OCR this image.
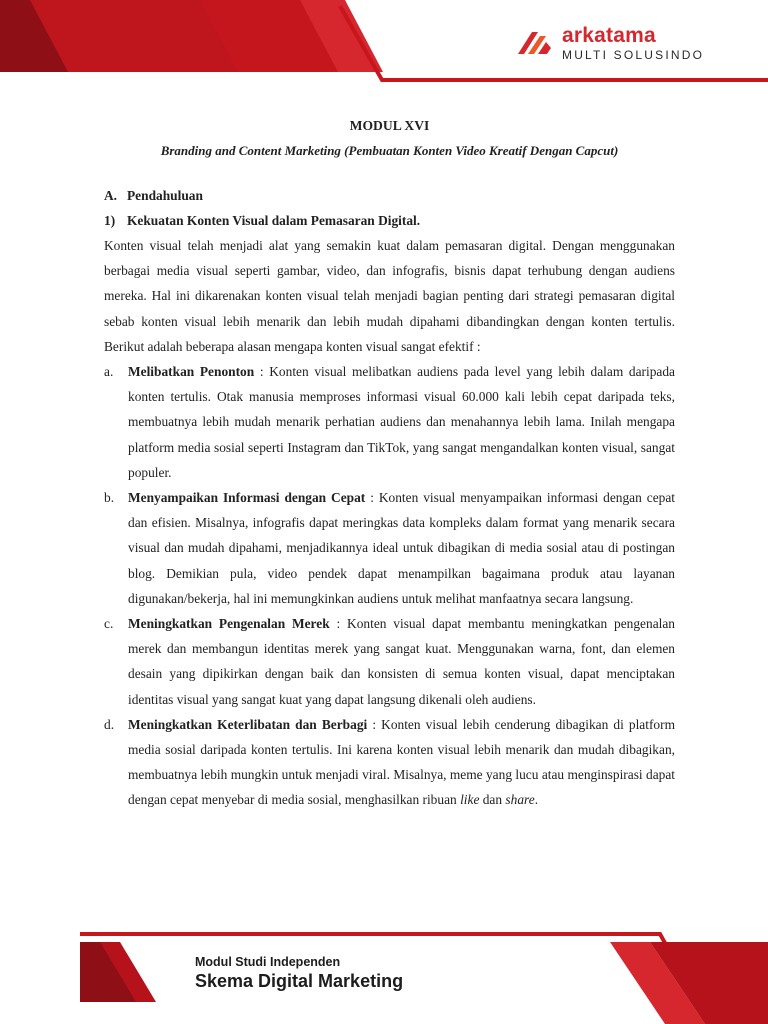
arkatama
MULTI SOLUSINDO
MODUL XVI
Branding and Content Marketing (Pembuatan Konten Video Kreatif Dengan Capcut)
A. Pendahuluan
1) Kekuatan Konten Visual dalam Pemasaran Digital.

Konten visual telah menjadi alat yang semakin kuat dalam pemasaran digital. Dengan menggunakan berbagai media visual seperti gambar, video, dan infografis, bisnis dapat terhubung dengan audiens mereka. Hal ini dikarenakan konten visual telah menjadi bagian penting dari strategi pemasaran digital sebab konten visual lebih menarik dan lebih mudah dipahami dibandingkan dengan konten tertulis. Berikut adalah beberapa alasan mengapa konten visual sangat efektif :

a.	Melibatkan Penonton : Konten visual melibatkan audiens pada level yang lebih dalam daripada konten tertulis. Otak manusia memproses informasi visual 60.000 kali lebih cepat daripada teks, membuatnya lebih mudah menarik perhatian audiens dan menahannya lebih lama. Inilah mengapa platform media sosial seperti Instagram dan TikTok, yang sangat mengandalkan konten visual, sangat populer.
b.	Menyampaikan Informasi dengan Cepat : Konten visual menyampaikan informasi dengan cepat dan efisien. Misalnya, infografis dapat meringkas data kompleks dalam format yang menarik secara visual dan mudah dipahami, menjadikannya ideal untuk dibagikan di media sosial atau di postingan blog. Demikian pula, video pendek dapat menampilkan bagaimana produk atau layanan digunakan/bekerja, hal ini memungkinkan audiens untuk melihat manfaatnya secara langsung.
c.	Meningkatkan Pengenalan Merek : Konten visual dapat membantu meningkatkan pengenalan merek dan membangun identitas merek yang sangat kuat. Menggunakan warna, font, dan elemen desain yang dipikirkan dengan baik dan konsisten di semua konten visual, dapat menciptakan identitas visual yang sangat kuat yang dapat langsung dikenali oleh audiens.
d.	Meningkatkan Keterlibatan dan Berbagi : Konten visual lebih cenderung dibagikan di platform media sosial daripada konten tertulis. Ini karena konten visual lebih menarik dan mudah dibagikan, membuatnya lebih mungkin untuk menjadi viral. Misalnya, meme yang lucu atau menginspirasi dapat dengan cepat menyebar di media sosial, menghasilkan ribuan like dan share.
Modul Studi Independen
Skema Digital Marketing
